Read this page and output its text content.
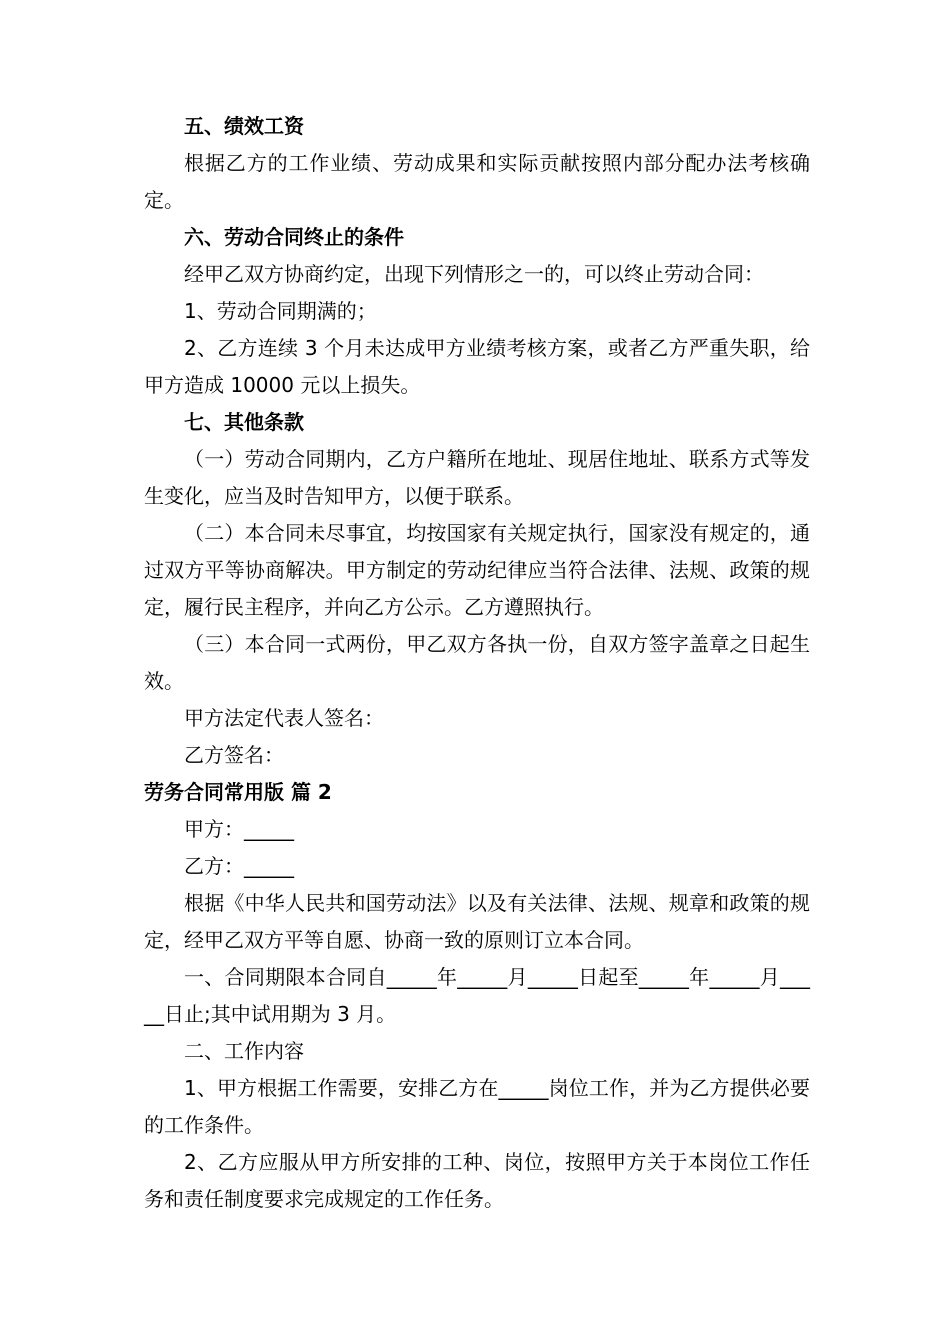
五、绩效工资

根据乙方的工作业绩、劳动成果和实际贡献按照内部分配办法考核确定。

六、劳动合同终止的条件

经甲乙双方协商约定，出现下列情形之一的，可以终止劳动合同：

1、劳动合同期满的；

2、乙方连续 3 个月未达成甲方业绩考核方案，或者乙方严重失职，给甲方造成 10000 元以上损失。

七、其他条款

（一）劳动合同期内，乙方户籍所在地址、现居住地址、联系方式等发生变化，应当及时告知甲方，以便于联系。

（二）本合同未尽事宜，均按国家有关规定执行，国家没有规定的，通过双方平等协商解决。甲方制定的劳动纪律应当符合法律、法规、政策的规定，履行民主程序，并向乙方公示。乙方遵照执行。

（三）本合同一式两份，甲乙双方各执一份，自双方签字盖章之日起生效。

甲方法定代表人签名：

乙方签名：

劳务合同常用版 篇 2

甲方：_____

乙方：_____

根据《中华人民共和国劳动法》以及有关法律、法规、规章和政策的规定，经甲乙双方平等自愿、协商一致的原则订立本合同。

一、合同期限本合同自_____年_____月_____日起至_____年_____月_____日止;其中试用期为 3 月。

二、工作内容

1、甲方根据工作需要，安排乙方在_____岗位工作，并为乙方提供必要的工作条件。

2、乙方应服从甲方所安排的工种、岗位，按照甲方关于本岗位工作任务和责任制度要求完成规定的工作任务。
